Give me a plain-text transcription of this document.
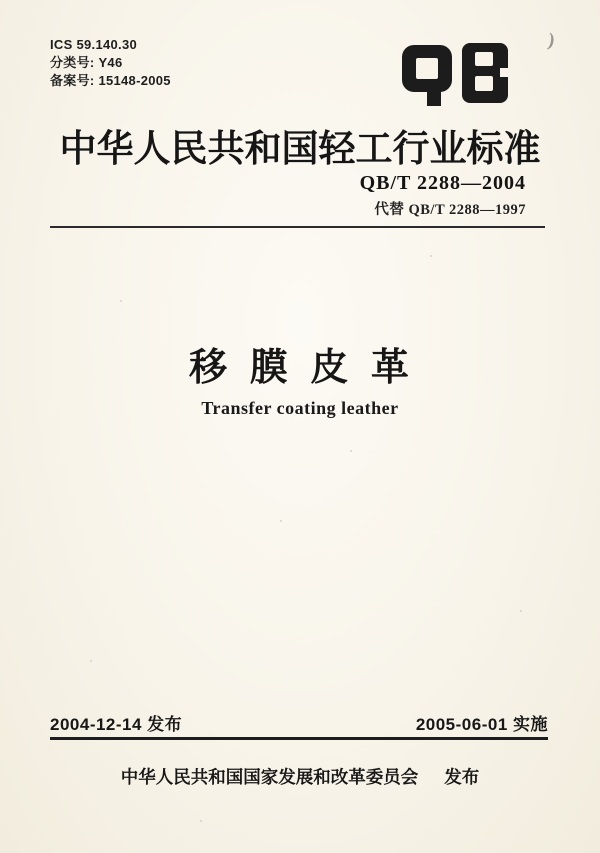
ICS 59.140.30
分类号: Y46
备案号: 15148-2005
)
中华人民共和国轻工行业标准
QB/T 2288—2004
代替 QB/T 2288—1997
移 膜 皮 革
Transfer coating leather
2004-12-14 发布	2005-06-01 实施
中华人民共和国国家发展和改革委员会 发布
